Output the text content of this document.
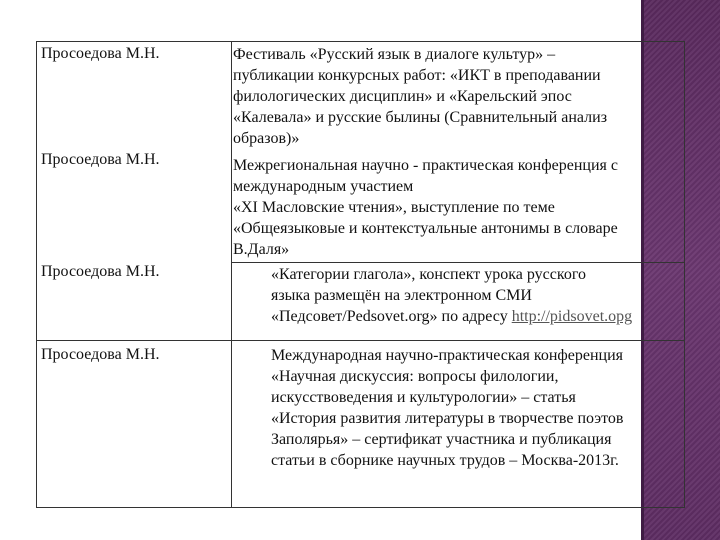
Просоедова М.Н.	Фестиваль «Русский язык в диалоге культур» –
публикации конкурсных работ: «ИКТ в преподавании
филологических дисциплин» и «Карельский эпос
«Калевала» и русские былины (Сравнительный анализ
образов)»
Просоедова М.Н.	Межрегиональная научно - практическая конференция с
международным участием
«XI Масловские чтения», выступление по теме
«Общеязыковые и контекстуальные антонимы в словаре
В.Даля»
Просоедова М.Н.	«Категории глагола», конспект урока русского
языка размещён на электронном СМИ
«Педсовет/Pedsovet.org» по адресу http://pidsovet.opg
Просоедова М.Н.	Международная научно-практическая конференция
«Научная дискуссия: вопросы филологии,
искусствоведения и культурологии» – статья
«История развития литературы в творчестве поэтов
Заполярья» – сертификат участника и публикация
статьи в сборнике научных трудов – Москва-2013г.
